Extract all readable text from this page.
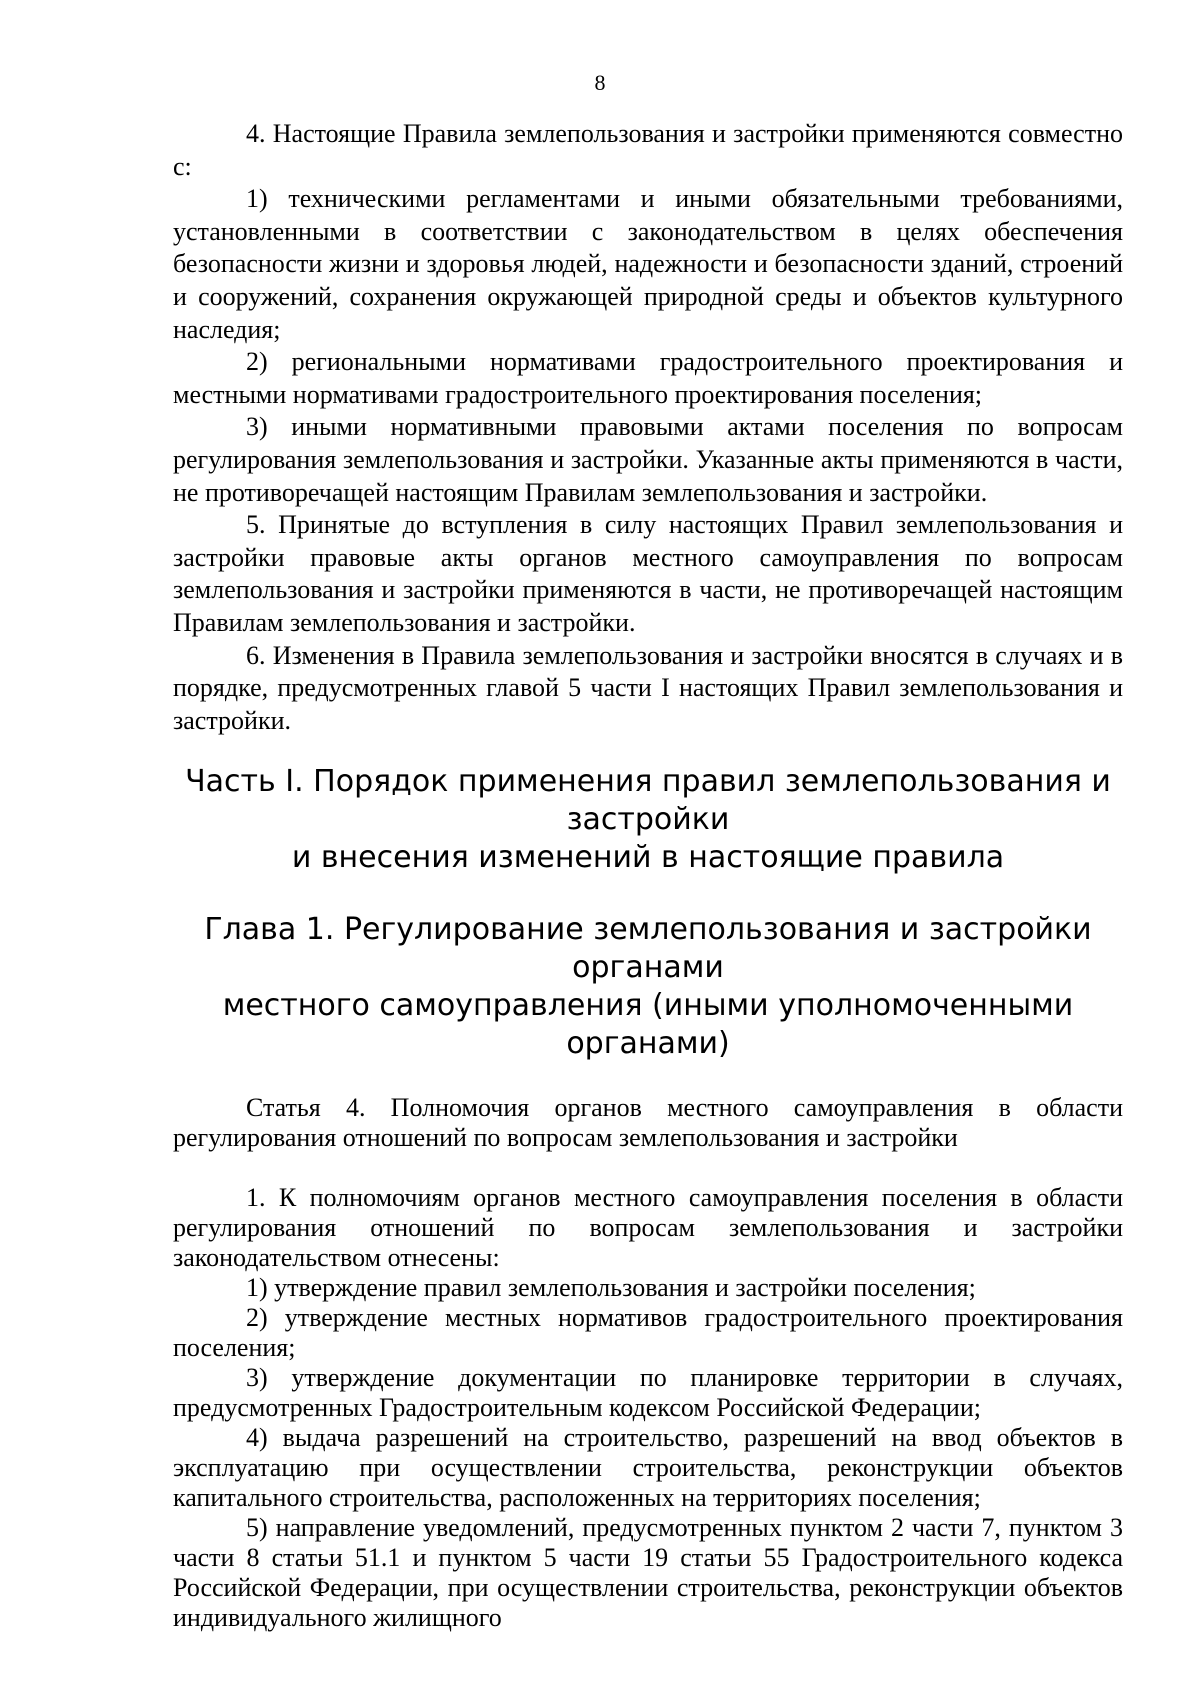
8

4. Настоящие Правила землепользования и застройки применяются совместно с:

1) техническими регламентами и иными обязательными требованиями, установленными в соответствии с законодательством в целях обеспечения безопасности жизни и здоровья людей, надежности и безопасности зданий, строений и сооружений, сохранения окружающей природной среды и объектов культурного наследия;

2) региональными нормативами градостроительного проектирования и местными нормативами градостроительного проектирования поселения;

3) иными нормативными правовыми актами поселения по вопросам регулирования землепользования и застройки. Указанные акты применяются в части, не противоречащей настоящим Правилам землепользования и застройки.

5. Принятые до вступления в силу настоящих Правил землепользования и застройки правовые акты органов местного самоуправления по вопросам землепользования и застройки применяются в части, не противоречащей настоящим Правилам землепользования и застройки.

6. Изменения в Правила землепользования и застройки вносятся в случаях и в порядке, предусмотренных главой 5 части I настоящих Правил землепользования и застройки.

Часть I. Порядок применения правил землепользования и застройки
и внесения изменений в настоящие правила
Глава 1. Регулирование землепользования и застройки органами
местного самоуправления (иными уполномоченными органами)

Статья 4. Полномочия органов местного самоуправления в области регулирования отношений по вопросам землепользования и застройки

1. К полномочиям органов местного самоуправления поселения в области регулирования отношений по вопросам землепользования и застройки законодательством отнесены:

1) утверждение правил землепользования и застройки поселения;

2) утверждение местных нормативов градостроительного проектирования поселения;

3) утверждение документации по планировке территории в случаях, предусмотренных Градостроительным кодексом Российской Федерации;

4) выдача разрешений на строительство, разрешений на ввод объектов в эксплуатацию при осуществлении строительства, реконструкции объектов капитального строительства, расположенных на территориях поселения;

5) направление уведомлений, предусмотренных пунктом 2 части 7, пунктом 3 части 8 статьи 51.1 и пунктом 5 части 19 статьи 55 Градостроительного кодекса Российской Федерации, при осуществлении строительства, реконструкции объектов индивидуального жилищного
